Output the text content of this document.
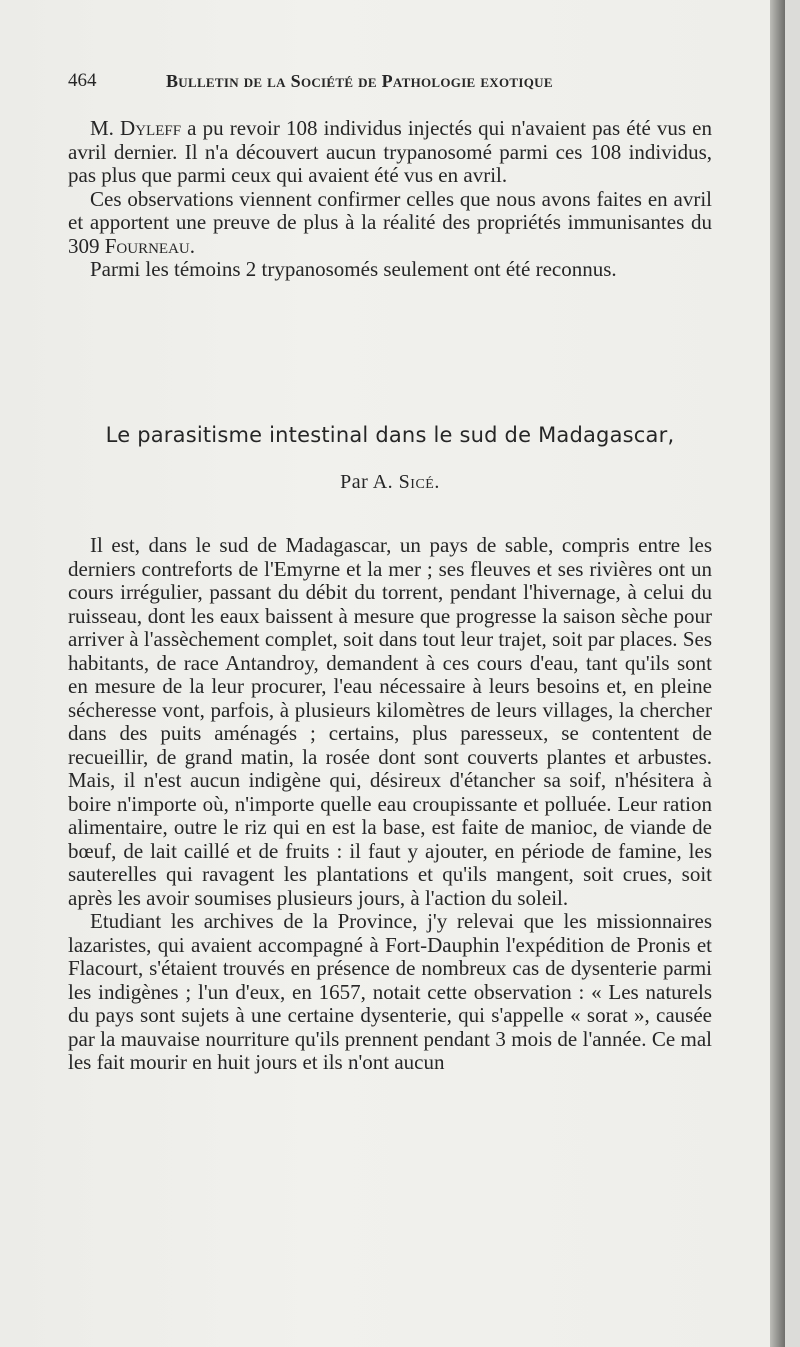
464	Bulletin de la Société de Pathologie exotique

M. Dyleff a pu revoir 108 individus injectés qui n'avaient pas été vus en avril dernier. Il n'a découvert aucun trypanosomé parmi ces 108 individus, pas plus que parmi ceux qui avaient été vus en avril.

Ces observations viennent confirmer celles que nous avons faites en avril et apportent une preuve de plus à la réalité des propriétés immunisantes du 309 Fourneau.

Parmi les témoins 2 trypanosomés seulement ont été reconnus.

Le parasitisme intestinal dans le sud de Madagascar,
Par A. Sicé.

Il est, dans le sud de Madagascar, un pays de sable, compris entre les derniers contreforts de l'Emyrne et la mer ; ses fleuves et ses rivières ont un cours irrégulier, passant du débit du torrent, pendant l'hivernage, à celui du ruisseau, dont les eaux baissent à mesure que progresse la saison sèche pour arriver à l'assèchement complet, soit dans tout leur trajet, soit par places. Ses habitants, de race Antandroy, demandent à ces cours d'eau, tant qu'ils sont en mesure de la leur procurer, l'eau nécessaire à leurs besoins et, en pleine sécheresse vont, parfois, à plusieurs kilomètres de leurs villages, la chercher dans des puits aménagés ; certains, plus paresseux, se contentent de recueillir, de grand matin, la rosée dont sont couverts plantes et arbustes. Mais, il n'est aucun indigène qui, désireux d'étancher sa soif, n'hésitera à boire n'importe où, n'importe quelle eau croupissante et polluée. Leur ration alimentaire, outre le riz qui en est la base, est faite de manioc, de viande de bœuf, de lait caillé et de fruits : il faut y ajouter, en période de famine, les sauterelles qui ravagent les plantations et qu'ils mangent, soit crues, soit après les avoir soumises plusieurs jours, à l'action du soleil.

Etudiant les archives de la Province, j'y relevai que les missionnaires lazaristes, qui avaient accompagné à Fort-Dauphin l'expédition de Pronis et Flacourt, s'étaient trouvés en présence de nombreux cas de dysenterie parmi les indigènes ; l'un d'eux, en 1657, notait cette observation : « Les naturels du pays sont sujets à une certaine dysenterie, qui s'appelle « sorat », causée par la mauvaise nourriture qu'ils prennent pendant 3 mois de l'année. Ce mal les fait mourir en huit jours et ils n'ont aucun
